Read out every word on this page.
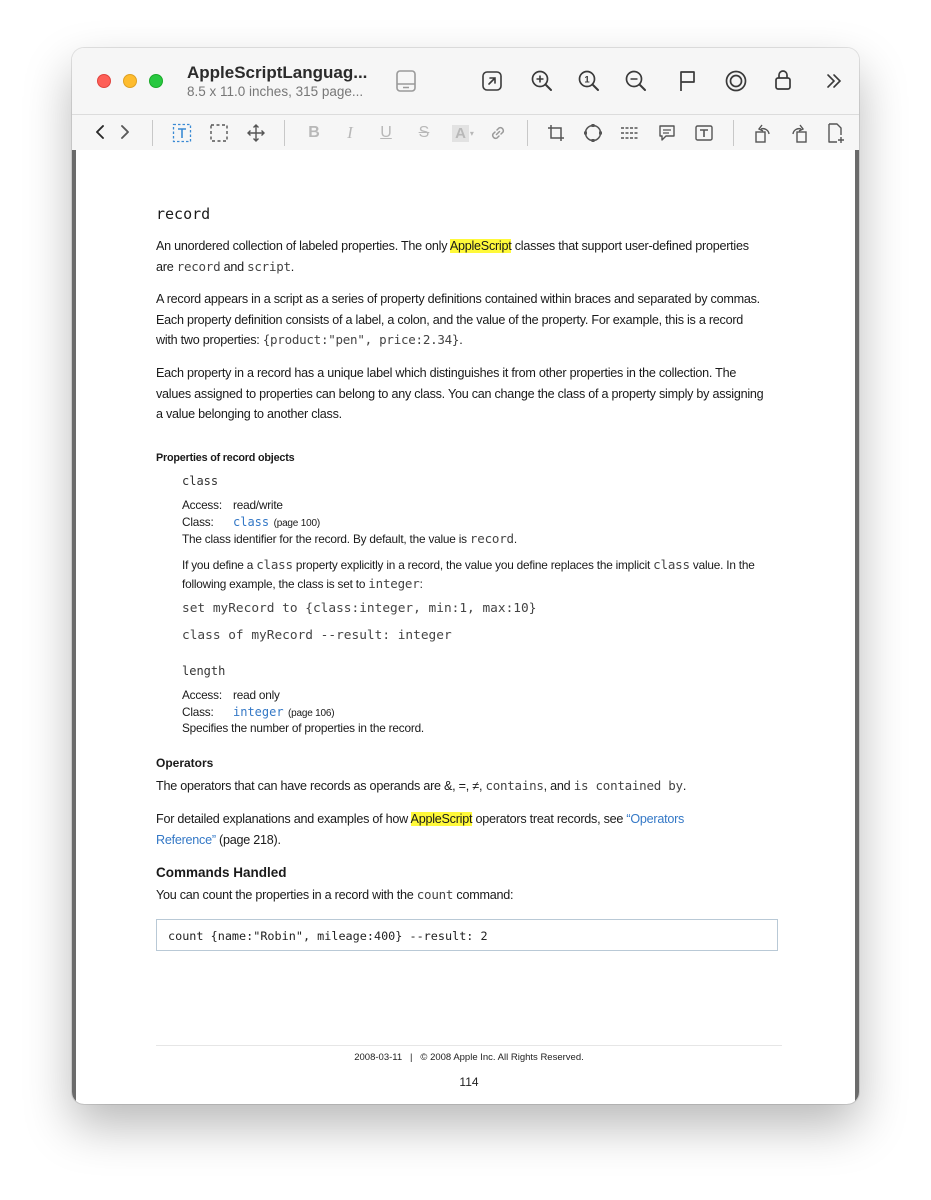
AppleScriptLanguag...
8.5 x 11.0 inches, 315 page...
1
B	I	U	S	A ▾
record

An unordered collection of labeled properties. The only AppleScript classes that support user-defined properties
are record and script.

A record appears in a script as a series of property definitions contained within braces and separated by commas.
Each property definition consists of a label, a colon, and the value of the property. For example, this is a record
with two properties: {product:"pen", price:2.34}.

Each property in a record has a unique label which distinguishes it from other properties in the collection. The
values assigned to properties can belong to any class. You can change the class of a property simply by assigning
a value belonging to another class.

Properties of record objects
class
Access: read/write
Class: class (page 100)
The class identifier for the record. By default, the value is record.
If you define a class property explicitly in a record, the value you define replaces the implicit class value. In the
following example, the class is set to integer:
set myRecord to {class:integer, min:1, max:10}
class of myRecord --result: integer
length
Access: read only
Class: integer (page 106)
Specifies the number of properties in the record.
Operators

The operators that can have records as operands are &, =, ≠, contains, and is contained by.

For detailed explanations and examples of how AppleScript operators treat records, see “Operators
Reference” (page 218).

Commands Handled

You can count the properties in a record with the count command:

count {name:"Robin", mileage:400} --result: 2
2008-03-11   |   © 2008 Apple Inc. All Rights Reserved.
114
